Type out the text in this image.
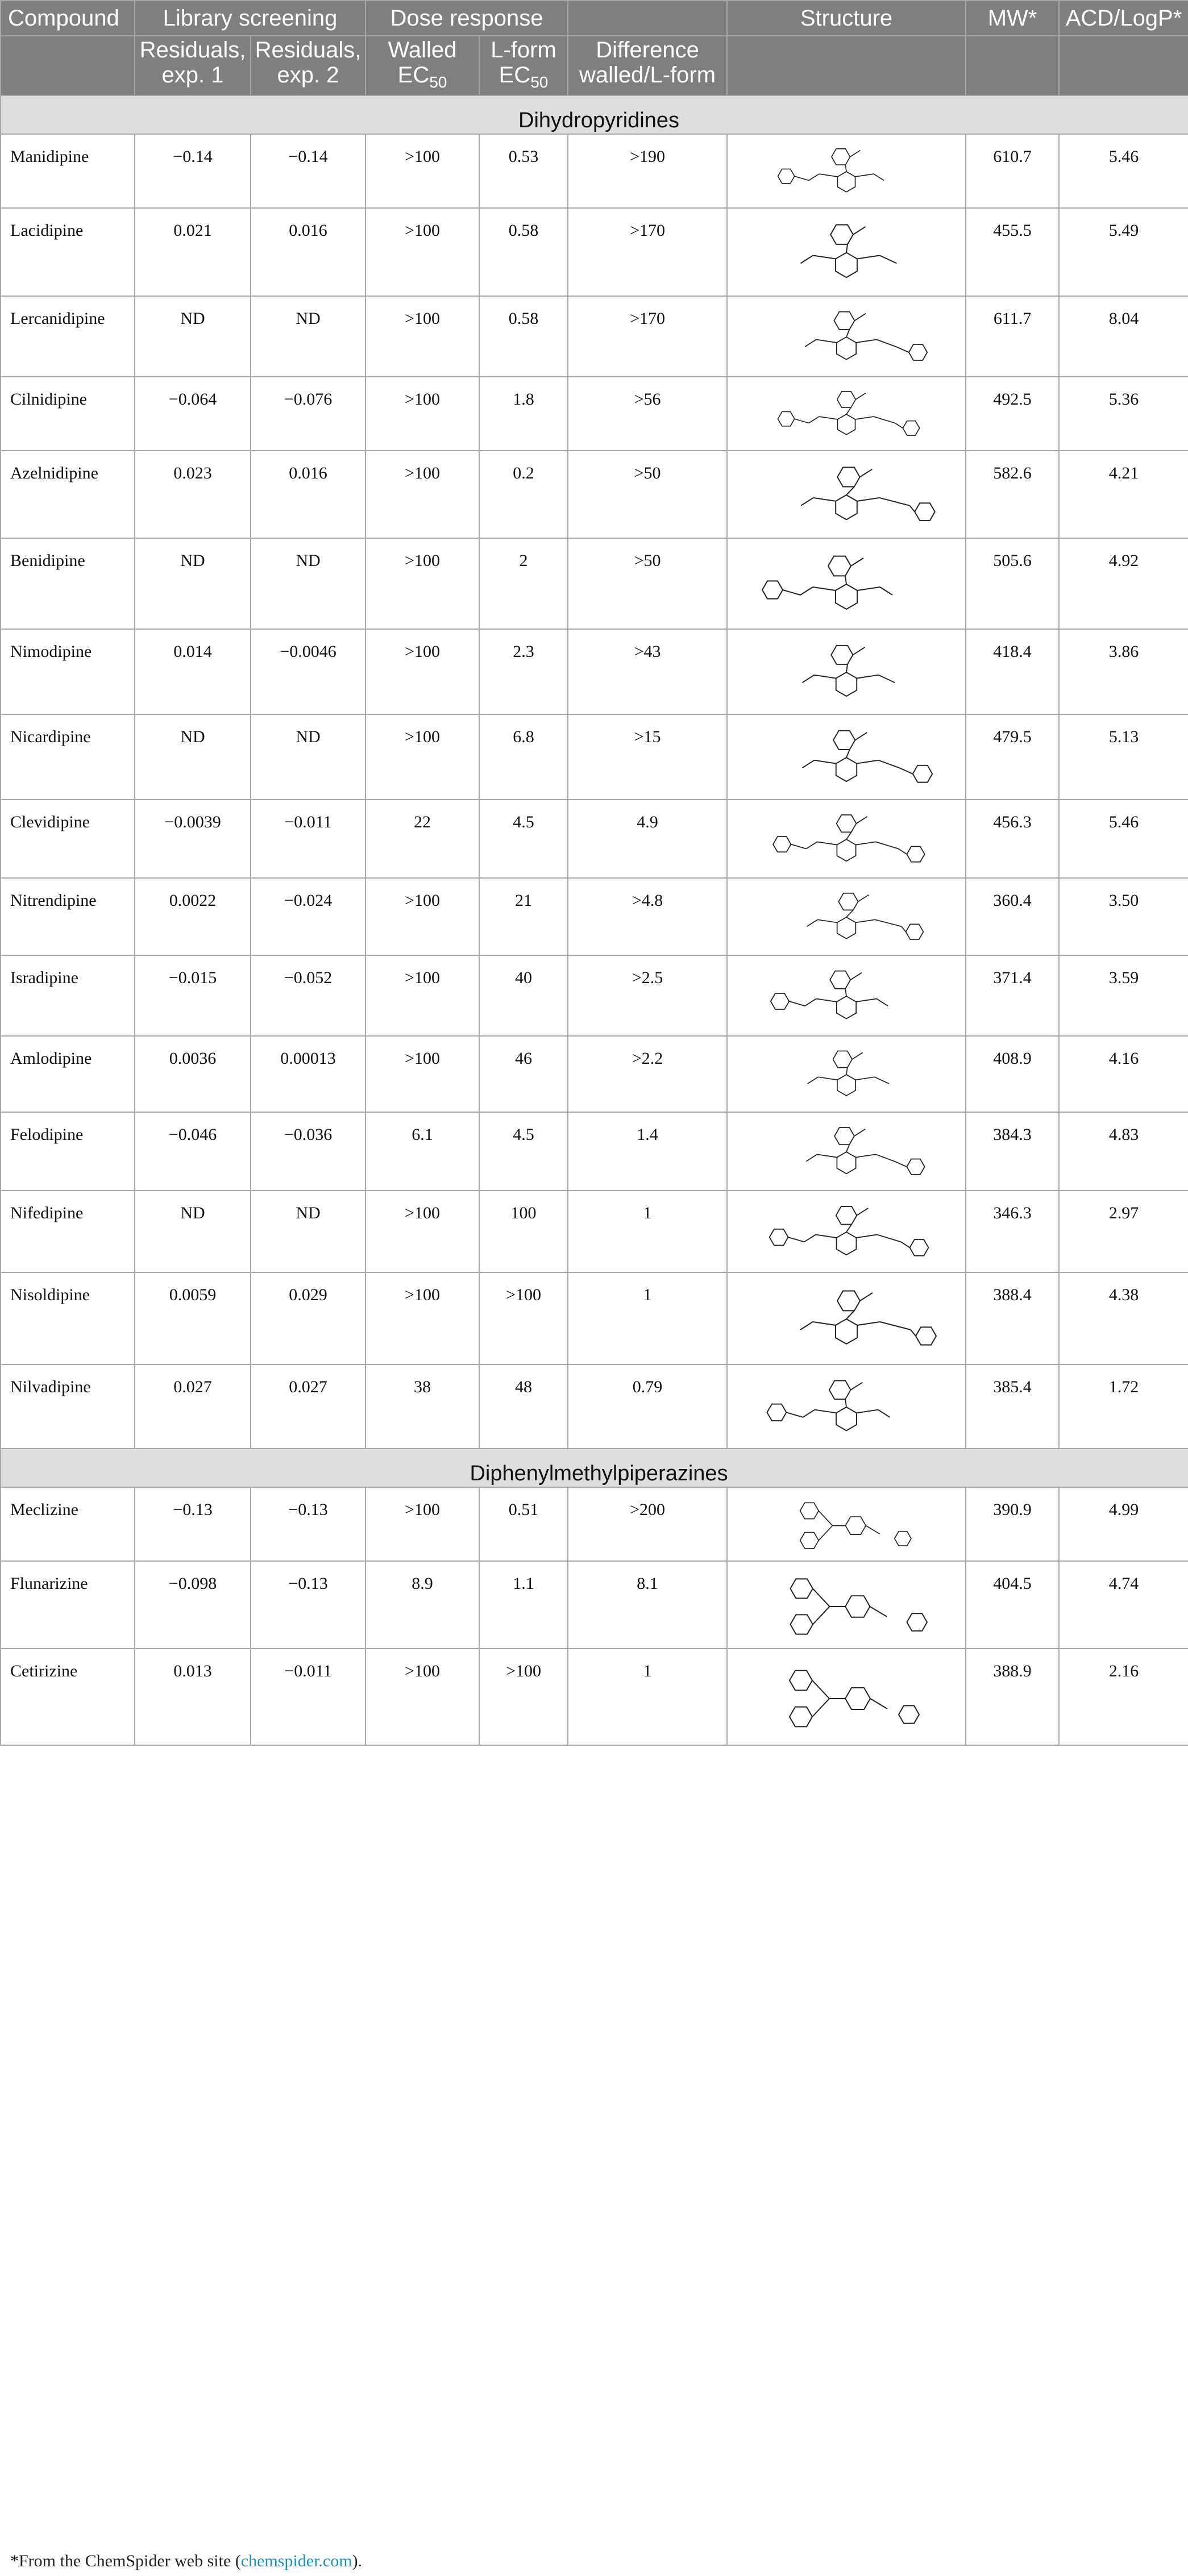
Compound	Library screening		Dose response			Structure	MW*	ACD/LogP*
	Residuals, exp. 1	Residuals, exp. 2	Walled $EC_{50}$	L-form $EC_{50}$	Difference walled/L-form			
Dihydropyridines								
Manidipine	−0.14	−0.14	>100	0.53	>190		610.7	5.46
Lacidipine	0.021	0.016	>100	0.58	>170		455.5	5.49
Lercanidipine	ND	ND	>100	0.58	>170		611.7	8.04
Cilnidipine	−0.064	−0.076	>100	1.8	>56		492.5	5.36
Azelnidipine	0.023	0.016	>100	0.2	>50		582.6	4.21
Benidipine	ND	ND	>100	2	>50		505.6	4.92
Nimodipine	0.014	−0.0046	>100	2.3	>43		418.4	3.86
Nicardipine	ND	ND	>100	6.8	>15		479.5	5.13
Clevidipine	−0.0039	−0.011	22	4.5	4.9		456.3	5.46
Nitrendipine	0.0022	−0.024	>100	21	>4.8		360.4	3.50
Isradipine	−0.015	−0.052	>100	40	>2.5		371.4	3.59
Amlodipine	0.0036	0.00013	>100	46	>2.2		408.9	4.16
Felodipine	−0.046	−0.036	6.1	4.5	1.4		384.3	4.83
Nifedipine	ND	ND	>100	100	1		346.3	2.97
Nisoldipine	0.0059	0.029	>100	>100	1		388.4	4.38
Nilvadipine	0.027	0.027	38	48	0.79		385.4	1.72
Diphenylmethylpiperazines								
Meclizine	−0.13	−0.13	>100	0.51	>200		390.9	4.99
Flunarizine	−0.098	−0.13	8.9	1.1	8.1		404.5	4.74
Cetirizine	0.013	−0.011	>100	>100	1		388.9	2.16
*From the ChemSpider web site (chemspider.com).
